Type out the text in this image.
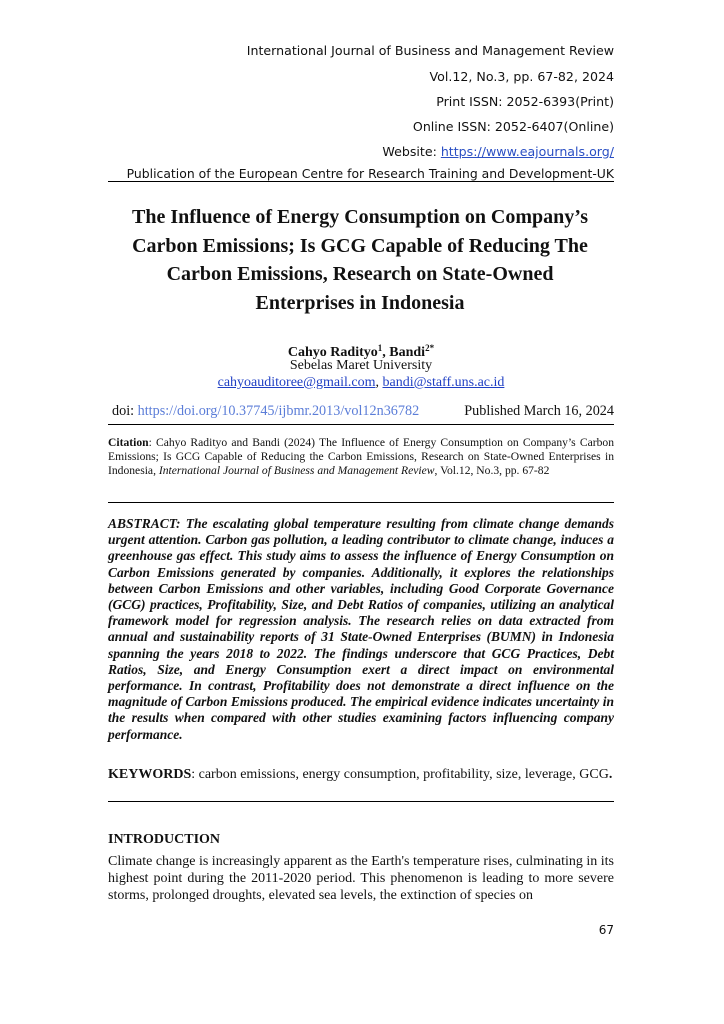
International Journal of Business and Management Review
Vol.12, No.3, pp. 67-82, 2024
Print ISSN: 2052-6393(Print)
Online ISSN: 2052-6407(Online)
Website: https://www.eajournals.org/
Publication of the European Centre for Research Training and Development-UK
The Influence of Energy Consumption on Company’s
Carbon Emissions; Is GCG Capable of Reducing The
Carbon Emissions, Research on State-Owned
Enterprises in Indonesia
Cahyo Radityo$^1$, Bandi$^{2*}$
Sebelas Maret University
cahyoauditoree@gmail.com, bandi@staff.uns.ac.id
doi: https://doi.org/10.37745/ijbmr.2013/vol12n36782	Published March 16, 2024
Citation: Cahyo Radityo and Bandi (2024) The Influence of Energy Consumption on Company’s Carbon Emissions; Is GCG Capable of Reducing the Carbon Emissions, Research on State-Owned Enterprises in Indonesia, International Journal of Business and Management Review, Vol.12, No.3, pp. 67-82
ABSTRACT: The escalating global temperature resulting from climate change demands urgent attention. Carbon gas pollution, a leading contributor to climate change, induces a greenhouse gas effect. This study aims to assess the influence of Energy Consumption on Carbon Emissions generated by companies. Additionally, it explores the relationships between Carbon Emissions and other variables, including Good Corporate Governance (GCG) practices, Profitability, Size, and Debt Ratios of companies, utilizing an analytical framework model for regression analysis. The research relies on data extracted from annual and sustainability reports of 31 State-Owned Enterprises (BUMN) in Indonesia spanning the years 2018 to 2022. The findings underscore that GCG Practices, Debt Ratios, Size, and Energy Consumption exert a direct impact on environmental performance. In contrast, Profitability does not demonstrate a direct influence on the magnitude of Carbon Emissions produced. The empirical evidence indicates uncertainty in the results when compared with other studies examining factors influencing company performance.
KEYWORDS: carbon emissions, energy consumption, profitability, size, leverage, GCG.
INTRODUCTION
Climate change is increasingly apparent as the Earth's temperature rises, culminating in its highest point during the 2011-2020 period. This phenomenon is leading to more severe storms, prolonged droughts, elevated sea levels, the extinction of species on
67
